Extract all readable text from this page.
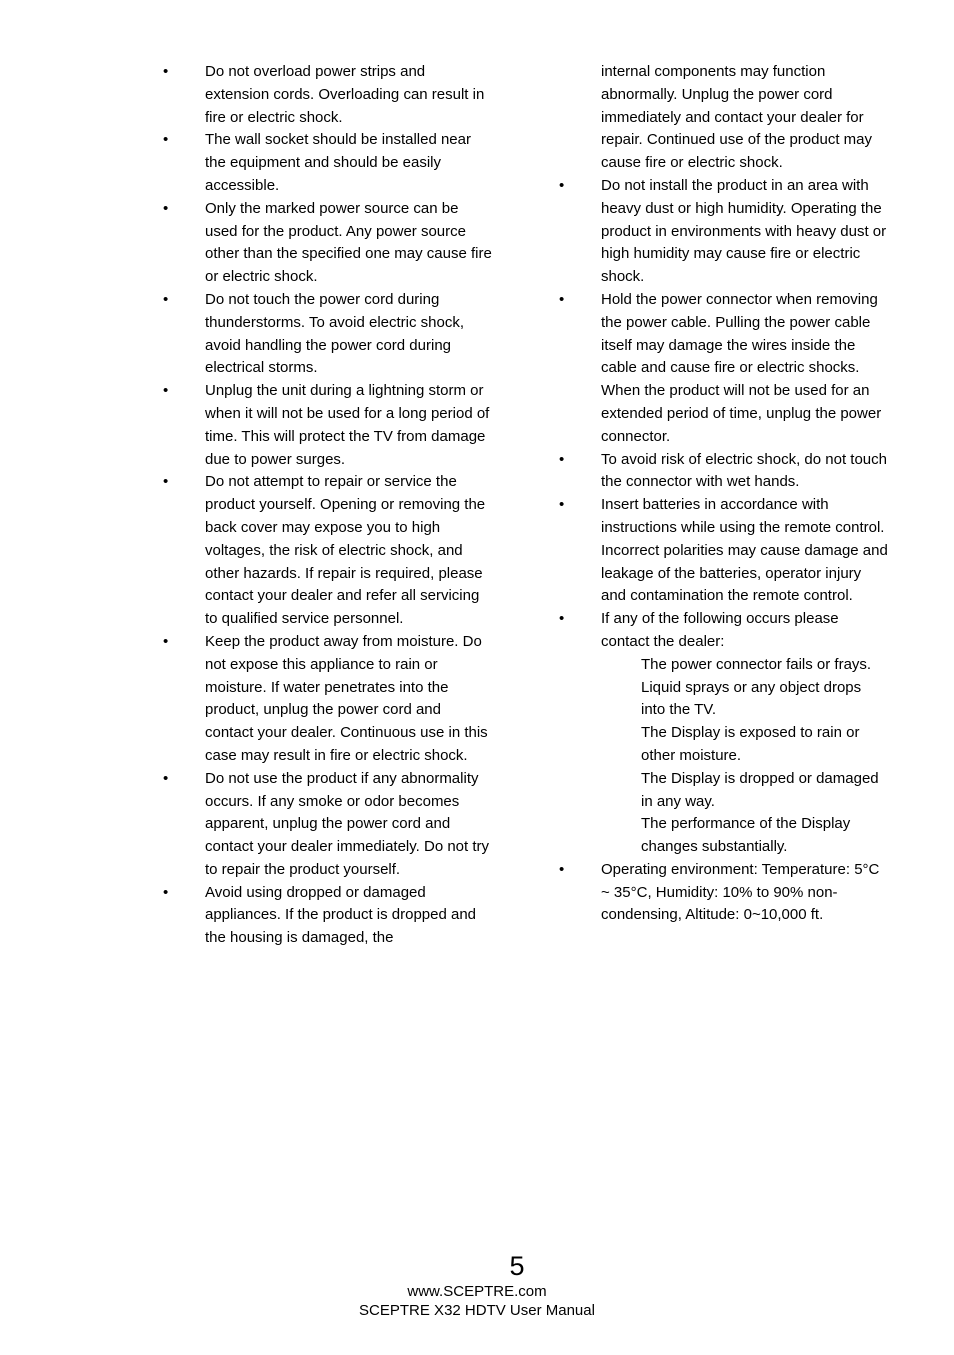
• Do not overload power strips and extension cords. Overloading can result in fire or electric shock.
• The wall socket should be installed near the equipment and should be easily accessible.
• Only the marked power source can be used for the product. Any power source other than the specified one may cause fire or electric shock.
• Do not touch the power cord during thunderstorms. To avoid electric shock, avoid handling the power cord during electrical storms.
• Unplug the unit during a lightning storm or when it will not be used for a long period of time. This will protect the TV from damage due to power surges.
• Do not attempt to repair or service the product yourself. Opening or removing the back cover may expose you to high voltages, the risk of electric shock, and other hazards. If repair is required, please contact your dealer and refer all servicing to qualified service personnel.
• Keep the product away from moisture. Do not expose this appliance to rain or moisture. If water penetrates into the product, unplug the power cord and contact your dealer. Continuous use in this case may result in fire or electric shock.
• Do not use the product if any abnormality occurs. If any smoke or odor becomes apparent, unplug the power cord and contact your dealer immediately. Do not try to repair the product yourself.
• Avoid using dropped or damaged appliances. If the product is dropped and the housing is damaged, the

internal components may function abnormally. Unplug the power cord immediately and contact your dealer for repair. Continued use of the product may cause fire or electric shock.

• Do not install the product in an area with heavy dust or high humidity. Operating the product in environments with heavy dust or high humidity may cause fire or electric shock.
• Hold the power connector when removing the power cable. Pulling the power cable itself may damage the wires inside the cable and cause fire or electric shocks. When the product will not be used for an extended period of time, unplug the power connector.
• To avoid risk of electric shock, do not touch the connector with wet hands.
• Insert batteries in accordance with instructions while using the remote control. Incorrect polarities may cause damage and leakage of the batteries, operator injury and contamination the remote control.
• If any of the following occurs please contact the dealer:
The power connector fails or frays.
Liquid sprays or any object drops into the TV.
The Display is exposed to rain or other moisture.
The Display is dropped or damaged in any way.
The performance of the Display changes substantially.
• Operating environment: Temperature: 5°C ~ 35°C, Humidity: 10% to 90% non-condensing, Altitude: 0~10,000 ft.
5
www.SCEPTRE.com
SCEPTRE X32 HDTV User Manual
